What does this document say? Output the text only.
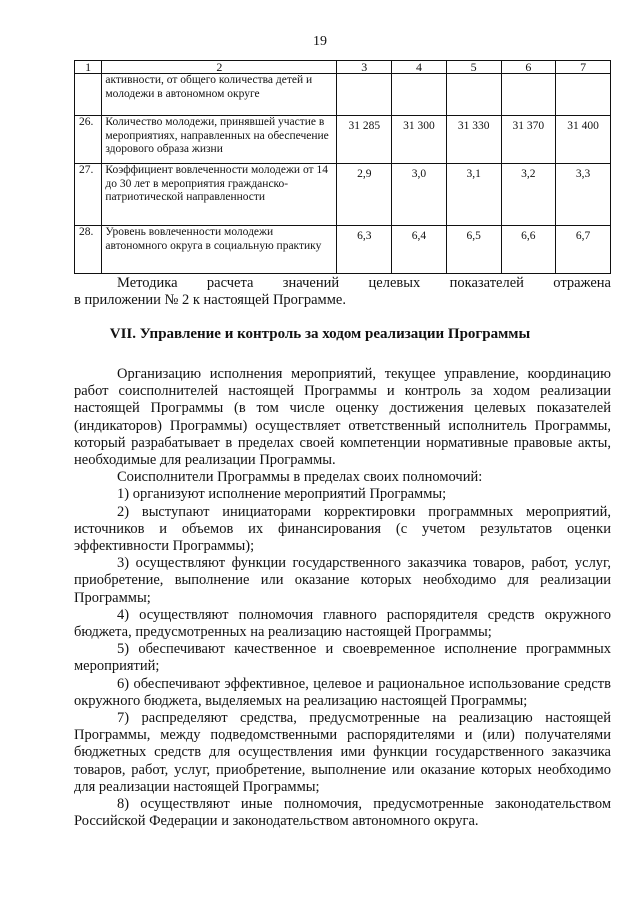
19
1	2	3	4	5	6	7
	активности, от общего количества детей и молодежи в автономном округе					
26.	Количество молодежи, принявшей участие в мероприятиях, направленных на обеспечение здорового образа жизни	31 285	31 300	31 330	31 370	31 400
27.	Коэффициент вовлеченности молодежи от 14 до 30 лет в мероприятия гражданско-патриотической направленности	2,9	3,0	3,1	3,2	3,3
28.	Уровень вовлеченности молодежи автономного округа в социальную практику	6,3	6,4	6,5	6,6	6,7

Методика расчета значений целевых показателей отражена

в приложении № 2 к настоящей Программе.

VII. Управление и контроль за ходом реализации Программы

Организацию исполнения мероприятий, текущее управление, координацию работ соисполнителей настоящей Программы и контроль за ходом реализации настоящей Программы (в том числе оценку достижения целевых показателей (индикаторов) Программы) осуществляет ответственный исполнитель Программы, который разрабатывает в пределах своей компетенции нормативные правовые акты, необходимые для реализации Программы.

Соисполнители Программы в пределах своих полномочий:

1) организуют исполнение мероприятий Программы;

2) выступают инициаторами корректировки программных мероприятий, источников и объемов их финансирования (с учетом результатов оценки эффективности Программы);

3) осуществляют функции государственного заказчика товаров, работ, услуг, приобретение, выполнение или оказание которых необходимо для реализации Программы;

4) осуществляют полномочия главного распорядителя средств окружного бюджета, предусмотренных на реализацию настоящей Программы;

5) обеспечивают качественное и своевременное исполнение программных мероприятий;

6) обеспечивают эффективное, целевое и рациональное использование средств окружного бюджета, выделяемых на реализацию настоящей Программы;

7) распределяют средства, предусмотренные на реализацию настоящей Программы, между подведомственными распорядителями и (или) получателями бюджетных средств для осуществления ими функции государственного заказчика товаров, работ, услуг, приобретение, выполнение или оказание которых необходимо для реализации настоящей Программы;

8) осуществляют иные полномочия, предусмотренные законодательством Российской Федерации и законодательством автономного округа.
